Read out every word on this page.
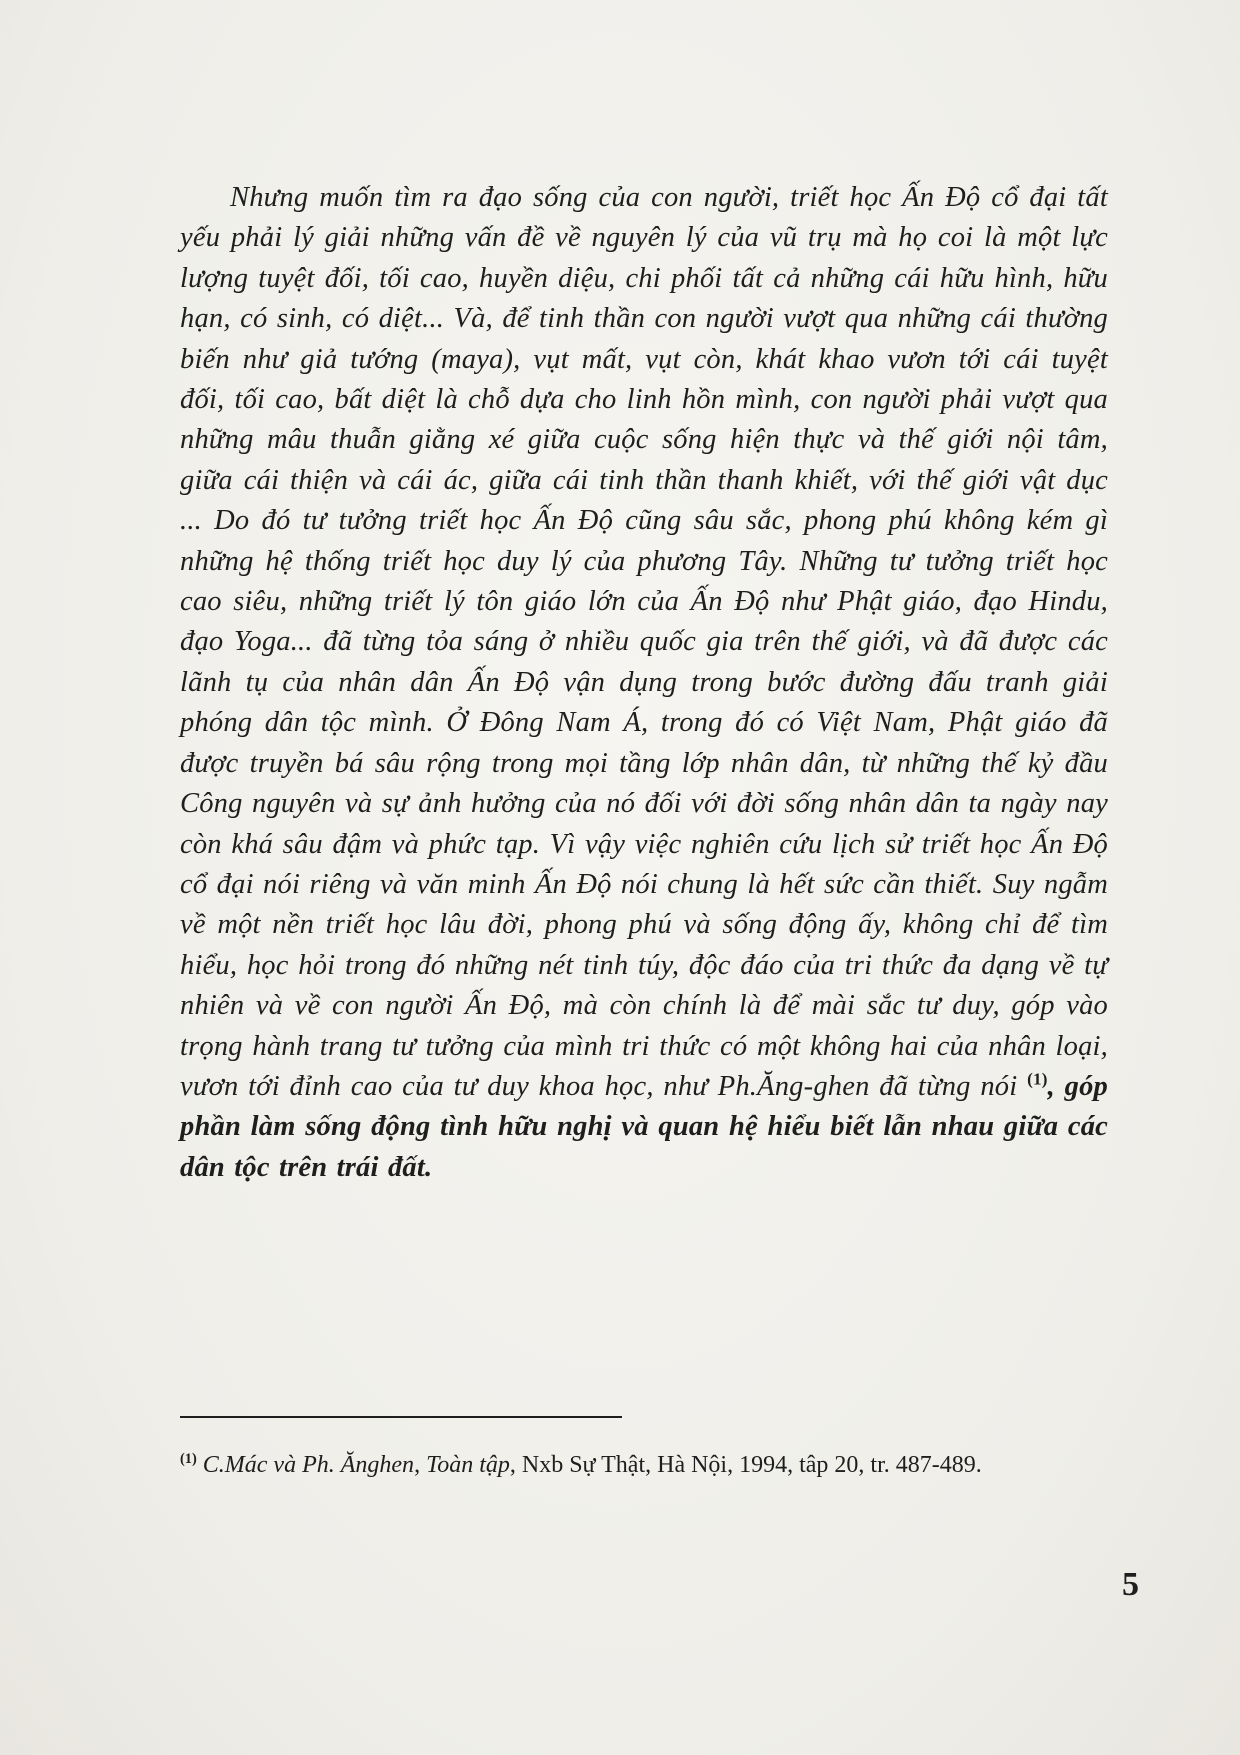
Nhưng muốn tìm ra đạo sống của con người, triết học Ấn Độ cổ đại tất yếu phải lý giải những vấn đề về nguyên lý của vũ trụ mà họ coi là một lực lượng tuyệt đối, tối cao, huyền diệu, chi phối tất cả những cái hữu hình, hữu hạn, có sinh, có diệt... Và, để tinh thần con người vượt qua những cái thường biến như giả tướng (maya), vụt mất, vụt còn, khát khao vươn tới cái tuyệt đối, tối cao, bất diệt là chỗ dựa cho linh hồn mình, con người phải vượt qua những mâu thuẫn giằng xé giữa cuộc sống hiện thực và thế giới nội tâm, giữa cái thiện và cái ác, giữa cái tinh thần thanh khiết, với thế giới vật dục ... Do đó tư tưởng triết học Ấn Độ cũng sâu sắc, phong phú không kém gì những hệ thống triết học duy lý của phương Tây. Những tư tưởng triết học cao siêu, những triết lý tôn giáo lớn của Ấn Độ như Phật giáo, đạo Hindu, đạo Yoga... đã từng tỏa sáng ở nhiều quốc gia trên thế giới, và đã được các lãnh tụ của nhân dân Ấn Độ vận dụng trong bước đường đấu tranh giải phóng dân tộc mình. Ở Đông Nam Á, trong đó có Việt Nam, Phật giáo đã được truyền bá sâu rộng trong mọi tầng lớp nhân dân, từ những thế kỷ đầu Công nguyên và sự ảnh hưởng của nó đối với đời sống nhân dân ta ngày nay còn khá sâu đậm và phức tạp. Vì vậy việc nghiên cứu lịch sử triết học Ấn Độ cổ đại nói riêng và văn minh Ấn Độ nói chung là hết sức cần thiết. Suy ngẫm về một nền triết học lâu đời, phong phú và sống động ấy, không chỉ để tìm hiểu, học hỏi trong đó những nét tinh túy, độc đáo của tri thức đa dạng về tự nhiên và về con người Ấn Độ, mà còn chính là để mài sắc tư duy, góp vào trọng hành trang tư tưởng của mình tri thức có một không hai của nhân loại, vươn tới đỉnh cao của tư duy khoa học, như Ph.Ăng-ghen đã từng nói $^{(1)}$, góp phần làm sống động tình hữu nghị và quan hệ hiểu biết lẫn nhau giữa các dân tộc trên trái đất.

$^{(1)}$ C.Mác và Ph. Ănghen, Toàn tập, Nxb Sự Thật, Hà Nội, 1994, tâp 20, tr. 487-489.

5
